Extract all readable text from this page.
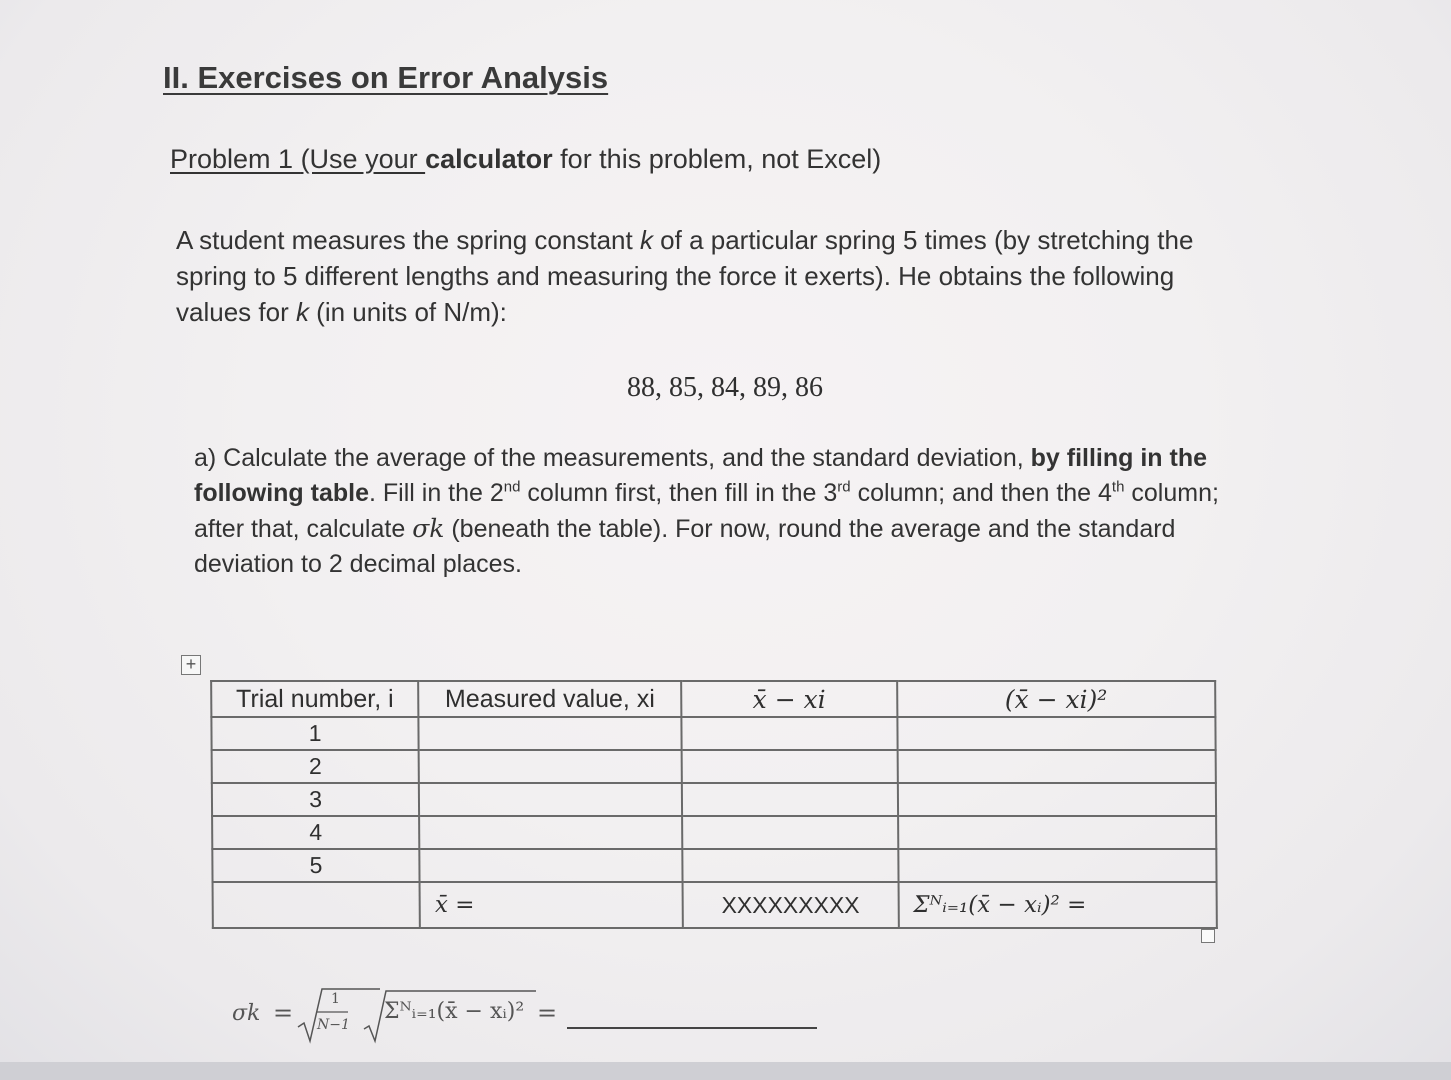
II. Exercises on Error Analysis
Problem 1 (Use your calculator for this problem, not Excel)
A student measures the spring constant k of a particular spring 5 times (by stretching the spring to 5 different lengths and measuring the force it exerts). He obtains the following values for k (in units of N/m):
88, 85, 84, 89, 86
a) Calculate the average of the measurements, and the standard deviation, by filling in the following table. Fill in the 2nd column first, then fill in the 3rd column; and then the 4th column; after that, calculate σk (beneath the table). For now, round the average and the standard deviation to 2 decimal places.
+
Trial number, i	Measured value, xi	x̄ − xi	(x̄ − xi)²
1			
2			
3			
4			
5			
	x̄ =	XXXXXXXXX	Σᴺᵢ₌₁(x̄ − xᵢ)² =
σk =	1
N−1
Σᴺᵢ₌₁(x̄ − xᵢ)² =
